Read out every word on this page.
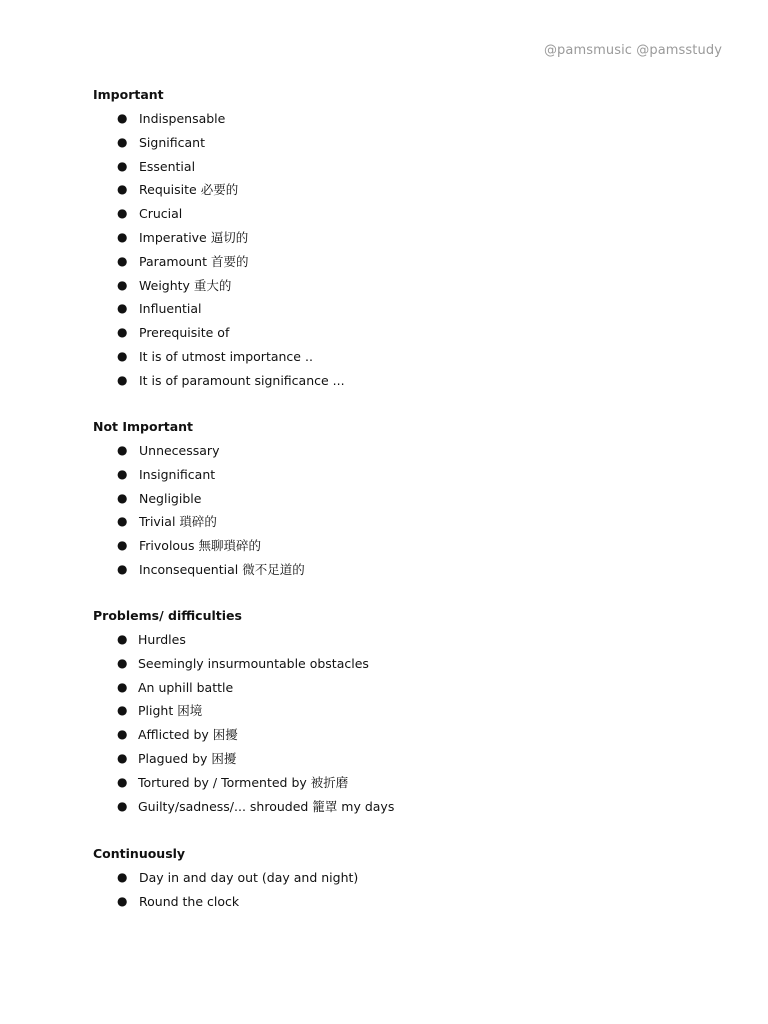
@pamsmusic @pamsstudy
Important
● Indispensable
● Significant
● Essential
● Requisite 必要的
● Crucial
● Imperative 逼切的
● Paramount 首要的
● Weighty 重大的
● Influential
● Prerequisite of
● It is of utmost importance ..
● It is of paramount significance ...
Not Important
● Unnecessary
● Insignificant
● Negligible
● Trivial 瑣碎的
● Frivolous 無聊瑣碎的
● Inconsequential 微不足道的
Problems/ difficulties
● Hurdles
● Seemingly insurmountable obstacles
● An uphill battle
● Plight 困境
● Afflicted by 困擾
● Plagued by 困擾
● Tortured by / Tormented by 被折磨
● Guilty/sadness/... shrouded 籠罩 my days
Continuously
● Day in and day out (day and night)
● Round the clock
